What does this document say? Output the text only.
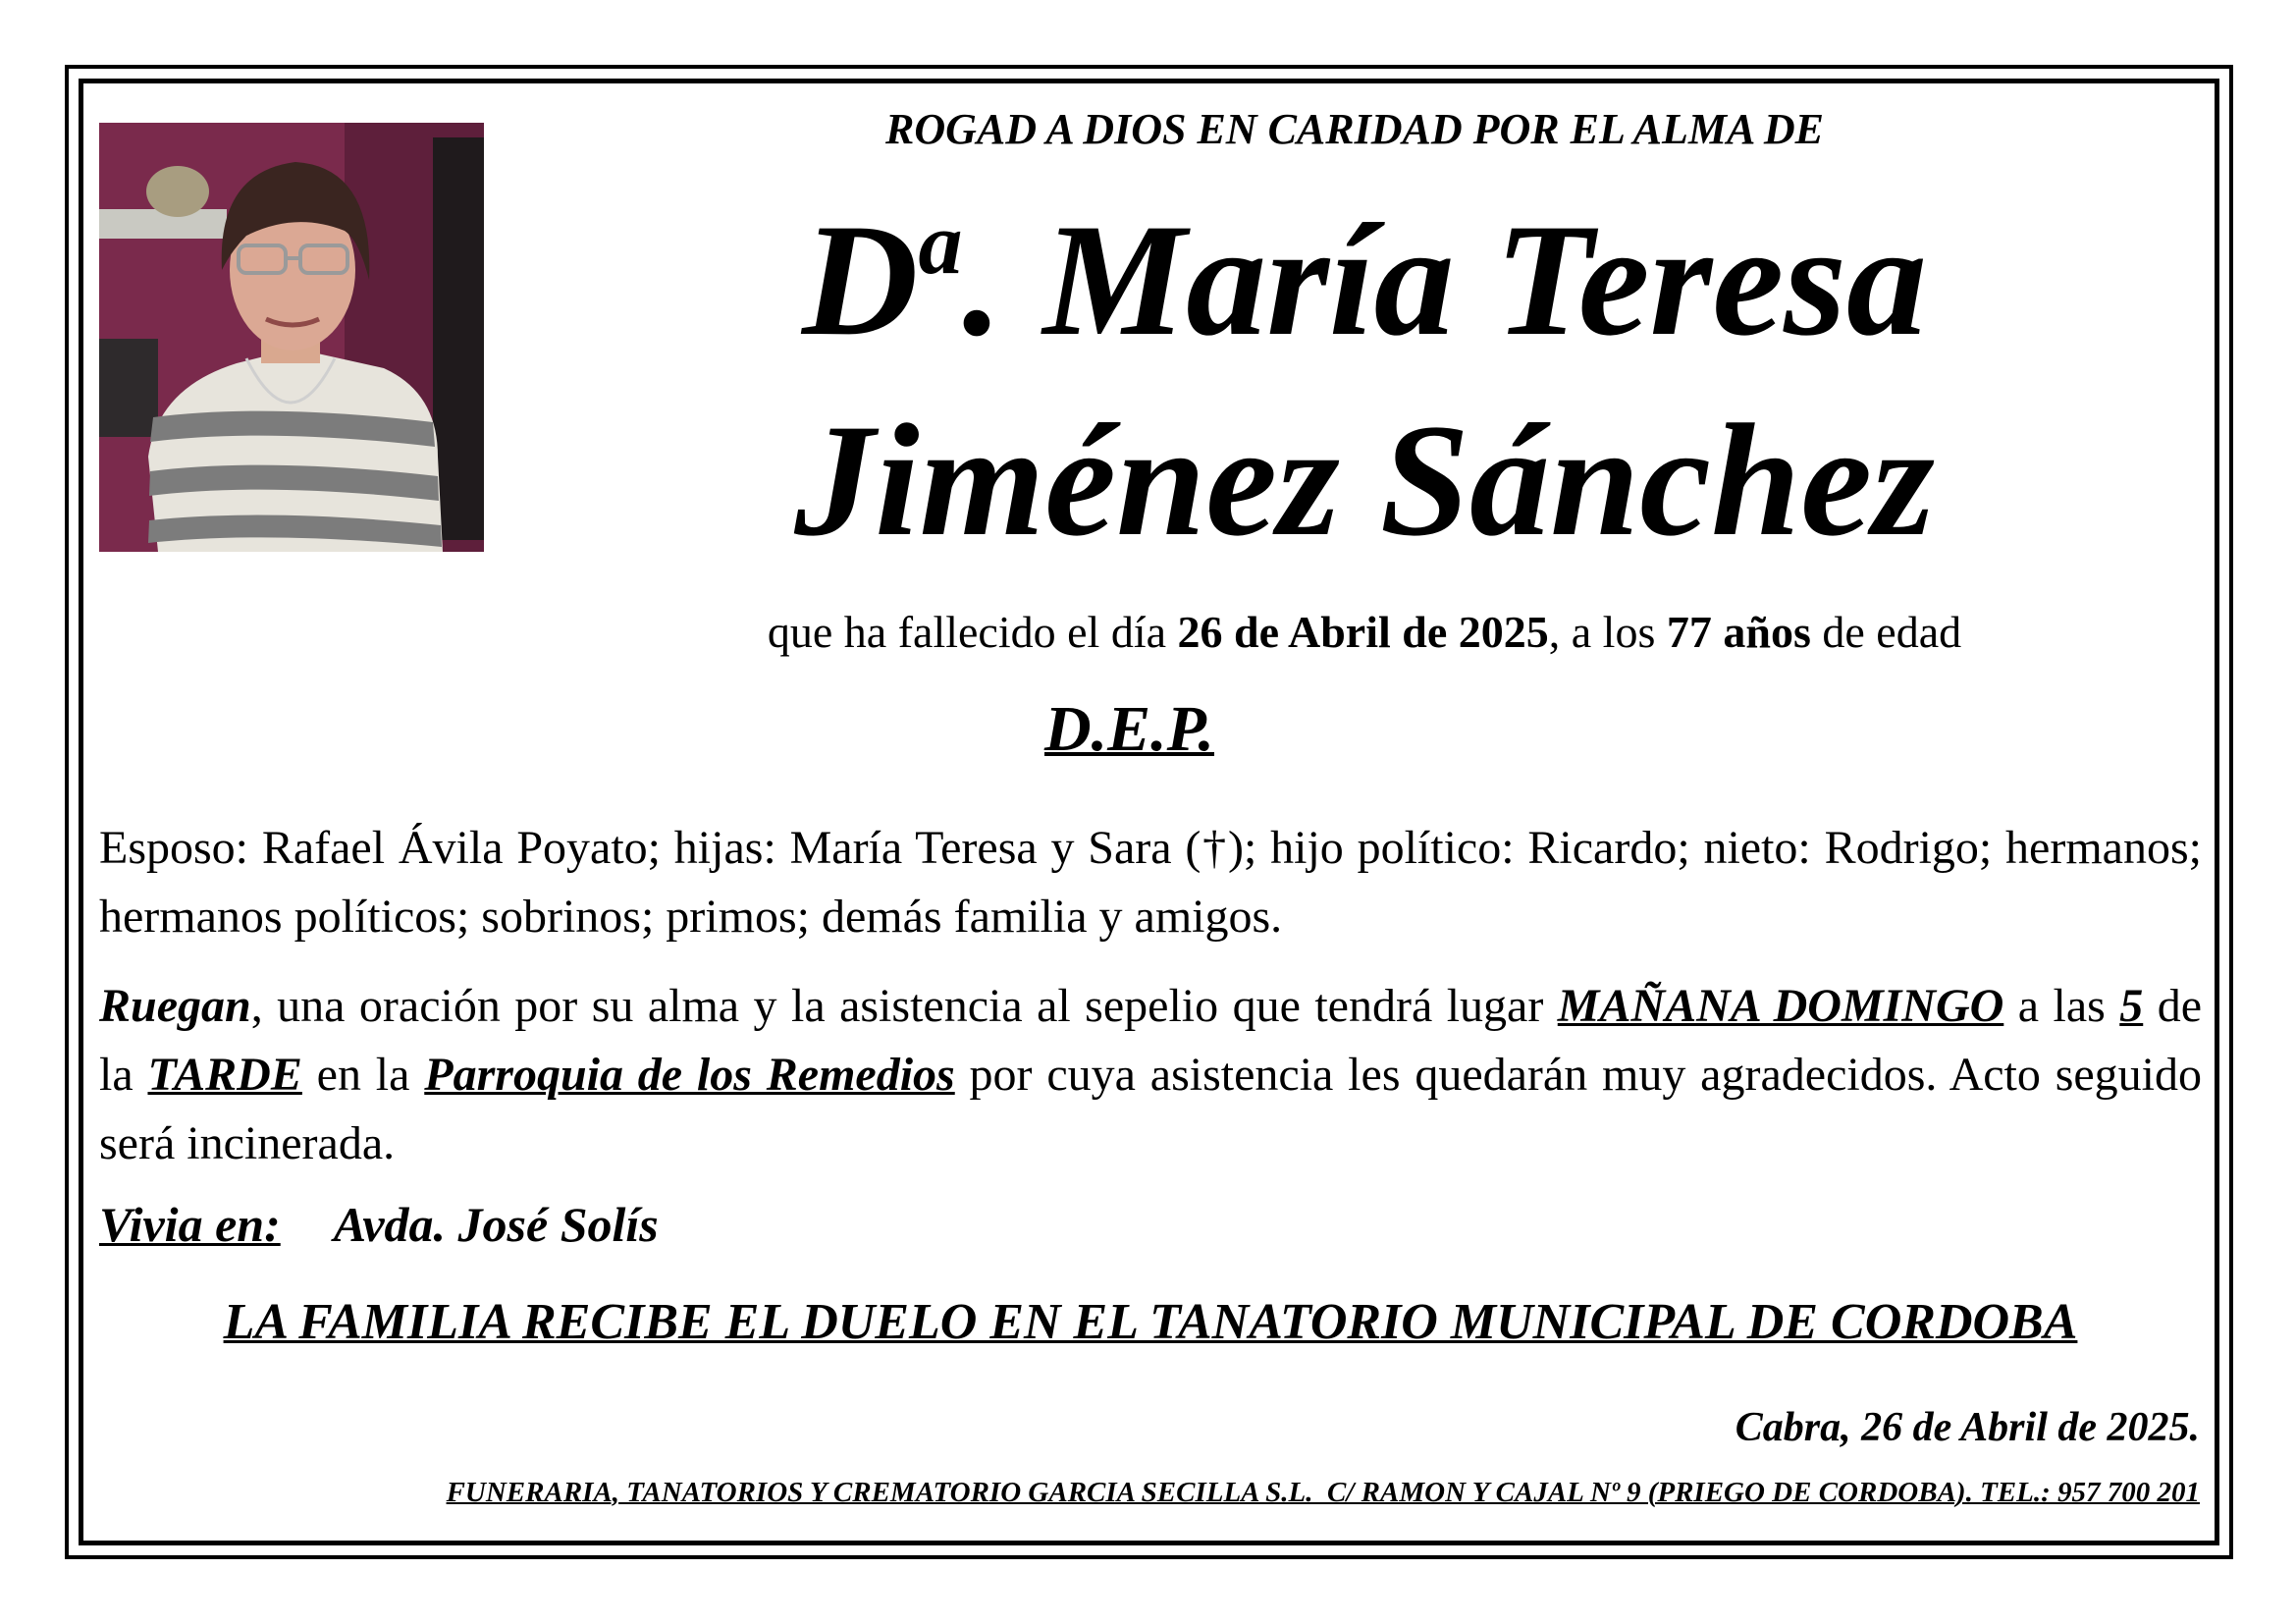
ROGAD A DIOS EN CARIDAD POR EL ALMA DE
$D^a$. María Teresa
Jiménez Sánchez
que ha fallecido el día 26 de Abril de 2025, a los 77 años de edad
D.E.P.
Esposo: Rafael Ávila Poyato; hijas: María Teresa y Sara (†); hijo político: Ricardo; nieto: Rodrigo; hermanos; hermanos políticos; sobrinos; primos; demás familia y amigos.
Ruegan, una oración por su alma y la asistencia al sepelio que tendrá lugar MAÑANA DOMINGO a las 5 de la TARDE en la Parroquia de los Remedios por cuya asistencia les quedarán muy agradecidos. Acto seguido será incinerada.
Vivia en: Avda. José Solís
LA FAMILIA RECIBE EL DUELO EN EL TANATORIO MUNICIPAL DE CORDOBA
Cabra, 26 de Abril de 2025.
FUNERARIA, TANATORIOS Y CREMATORIO GARCIA SECILLA S.L.  C/ RAMON Y CAJAL Nº 9 (PRIEGO DE CORDOBA). TEL.: 957 700 201
